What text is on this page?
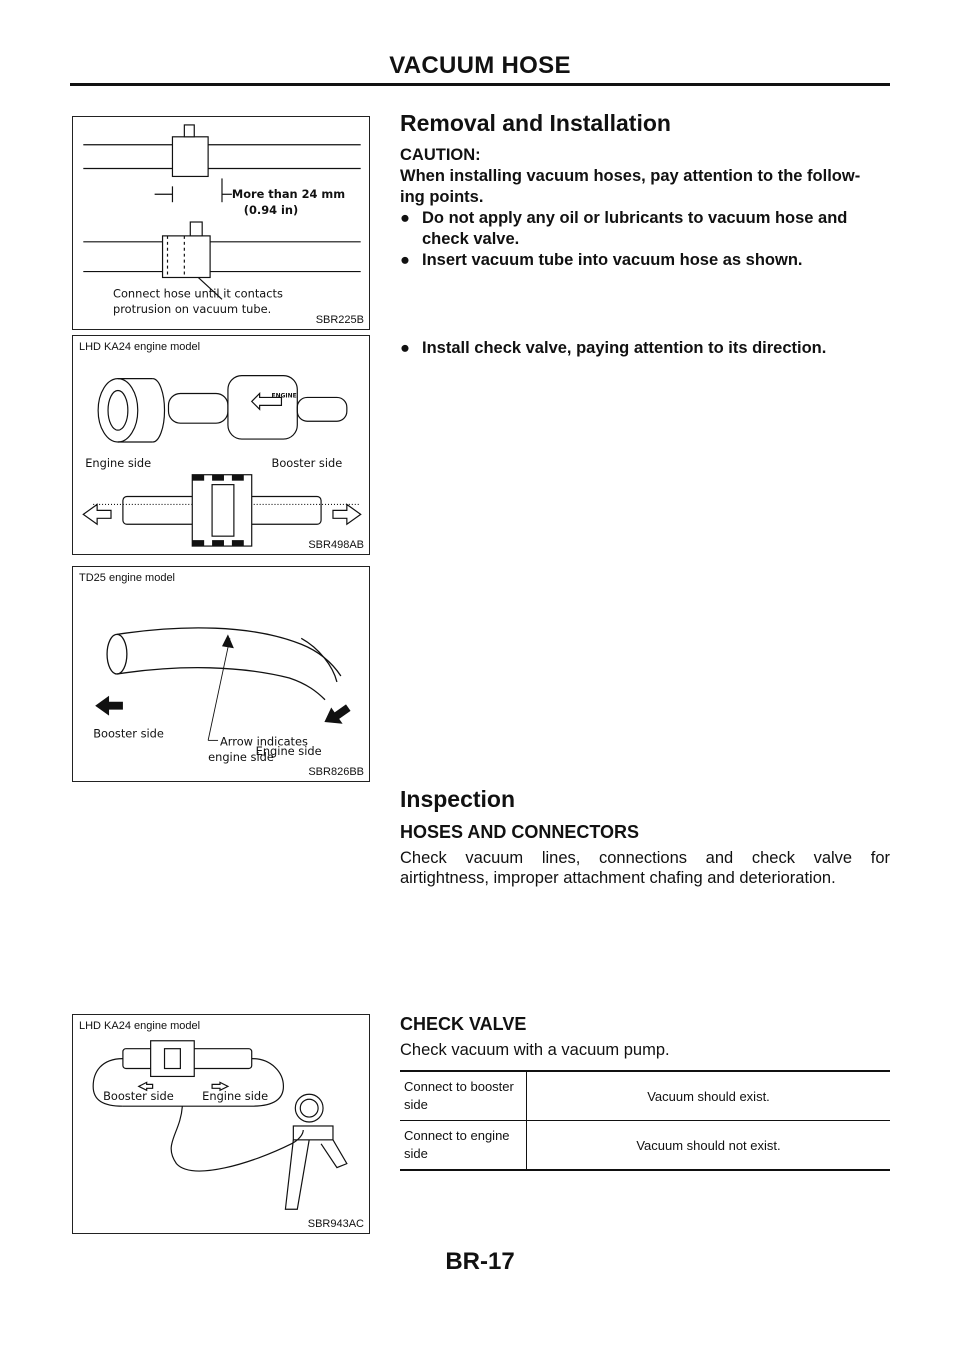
VACUUM HOSE
More than 24 mm
(0.94 in)
Connect hose until it contacts
protrusion on vacuum tube.
SBR225B
LHD KA24 engine model
ENGINE
Engine side	Booster side
SBR498AB
TD25 engine model
Booster side
Engine side
Arrow indicates
engine side
SBR826BB
LHD KA24 engine model
Booster side Engine side
SBR943AC
Removal and Installation
CAUTION:
When installing vacuum hoses, pay attention to the follow-
ing points.
● Do not apply any oil or lubricants to vacuum hose and
check valve.
● Insert vacuum tube into vacuum hose as shown.
● Install check valve, paying attention to its direction.
Inspection
HOSES AND CONNECTORS
Check vacuum lines, connections and check valve for
airtightness, improper attachment chafing and deterioration.
CHECK VALVE
Check vacuum with a vacuum pump.
Connect to booster
side	Vacuum should exist.
Connect to engine
side	Vacuum should not exist.
BR-17
